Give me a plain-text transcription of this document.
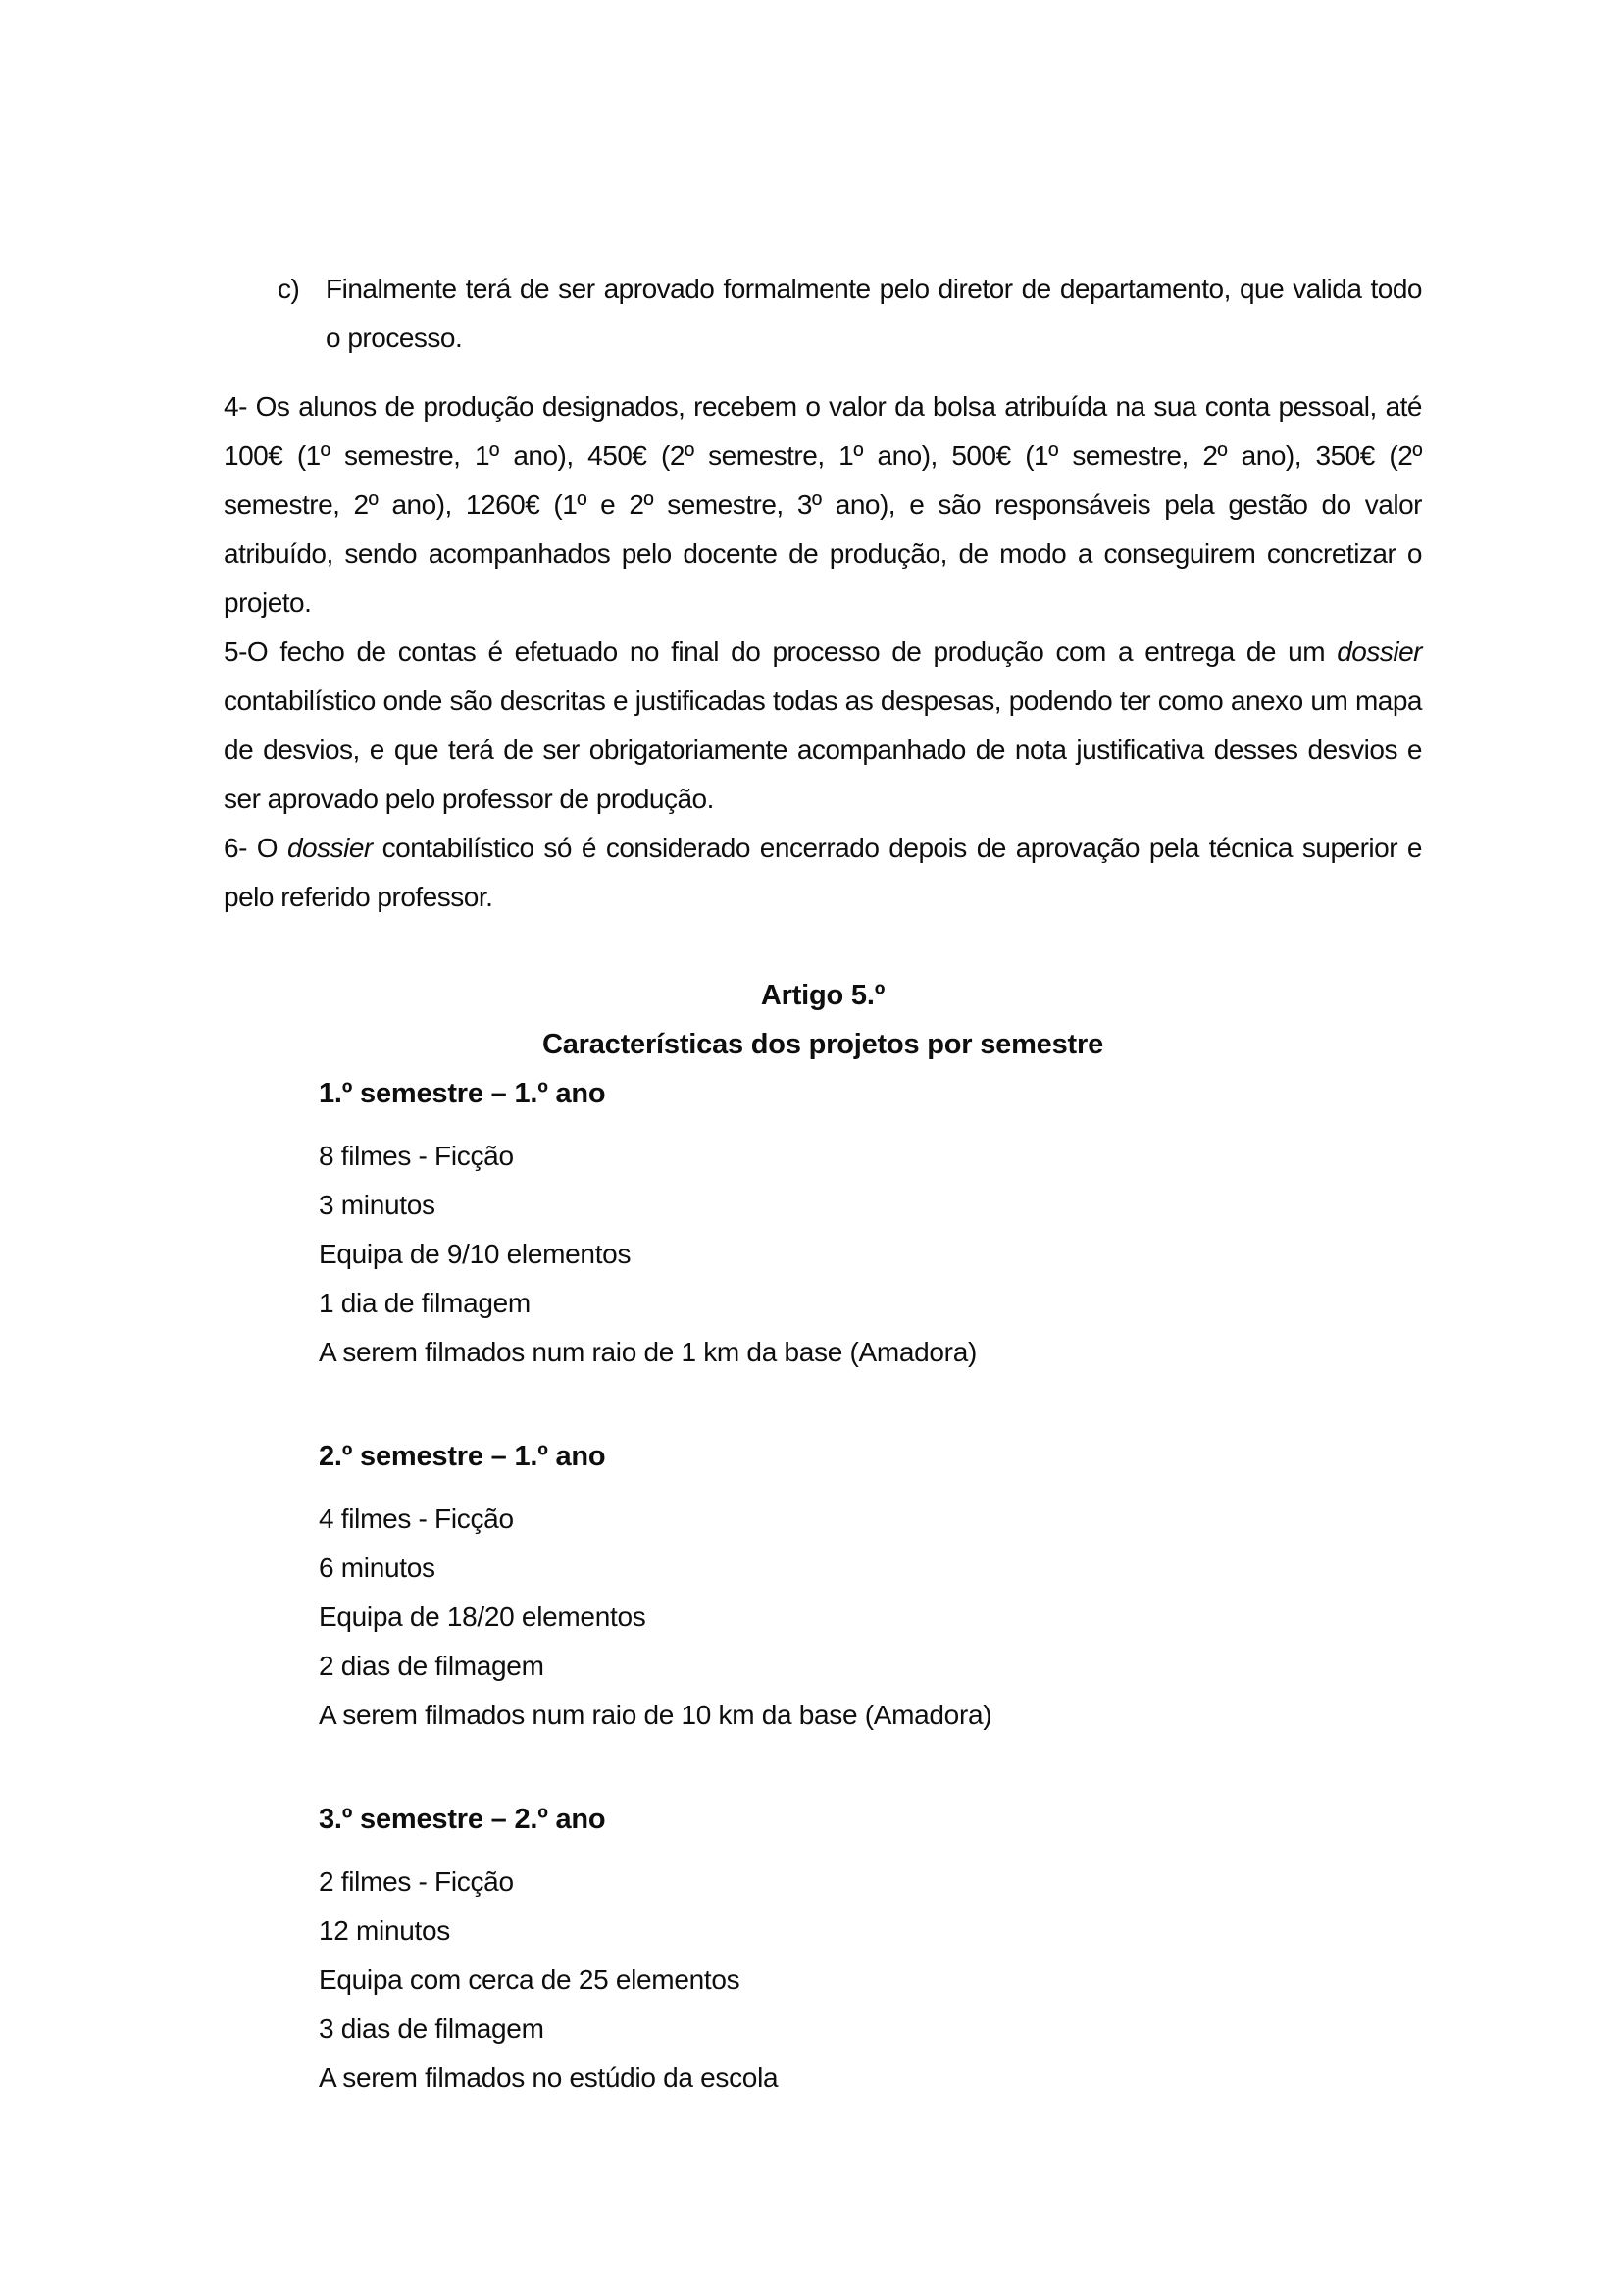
c) Finalmente terá de ser aprovado formalmente pelo diretor de departamento, que valida todo o processo.

4- Os alunos de produção designados, recebem o valor da bolsa atribuída na sua conta pessoal, até 100€ (1º semestre, 1º ano), 450€ (2º semestre, 1º ano), 500€ (1º semestre, 2º ano), 350€ (2º semestre, 2º ano), 1260€ (1º e 2º semestre, 3º ano), e são responsáveis pela gestão do valor atribuído, sendo acompanhados pelo docente de produção, de modo a conseguirem concretizar o projeto.

5-O fecho de contas é efetuado no final do processo de produção com a entrega de um dossier contabilístico onde são descritas e justificadas todas as despesas, podendo ter como anexo um mapa de desvios, e que terá de ser obrigatoriamente acompanhado de nota justificativa desses desvios e ser aprovado pelo professor de produção.

6- O dossier contabilístico só é considerado encerrado depois de aprovação pela técnica superior e pelo referido professor.

Artigo 5.º
Características dos projetos por semestre
1.º semestre – 1.º ano

8 filmes - Ficção

3 minutos

Equipa de 9/10 elementos

1 dia de filmagem

A serem filmados num raio de 1 km da base (Amadora)

2.º semestre – 1.º ano

4 filmes - Ficção

6 minutos

Equipa de 18/20 elementos

2 dias de filmagem

A serem filmados num raio de 10 km da base (Amadora)

3.º semestre – 2.º ano

2 filmes - Ficção

12 minutos

Equipa com cerca de 25 elementos

3 dias de filmagem

A serem filmados no estúdio da escola
